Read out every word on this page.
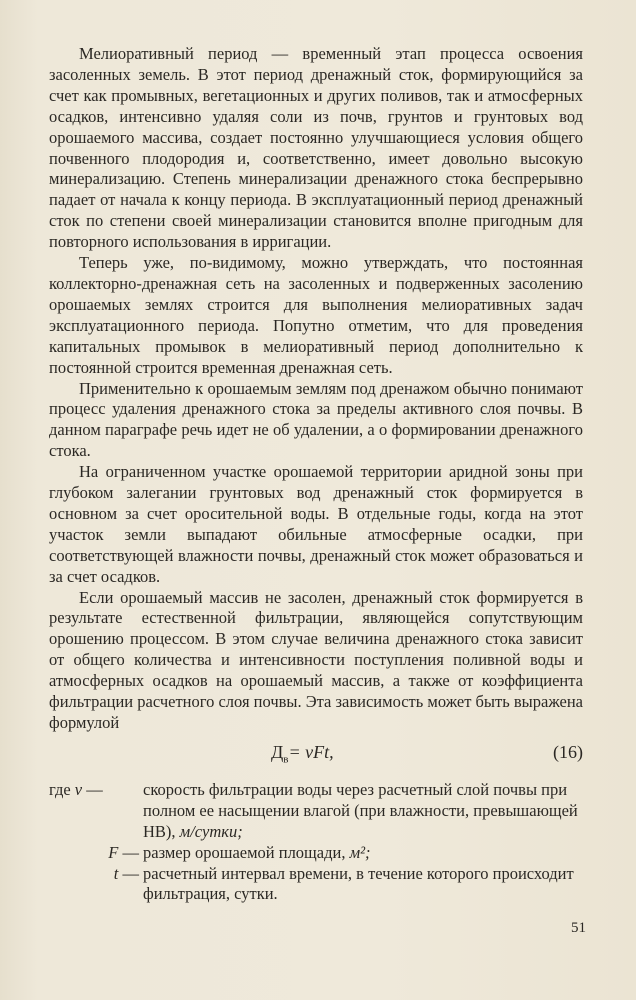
Мелиоративный период — временный этап процесса освоения засоленных земель. В этот период дренажный сток, формирующийся за счет как промывных, вегетационных и других поливов, так и атмосферных осадков, интенсивно удаляя соли из почв, грунтов и грунтовых вод орошаемого массива, создает постоянно улучшающиеся условия общего почвенного плодородия и, соответственно, имеет довольно высокую минерализацию. Степень минерализации дренажного стока беспрерывно падает от начала к концу периода. В эксплуатационный период дренажный сток по степени своей минерализации становится вполне пригодным для повторного использования в ирригации.

Теперь уже, по-видимому, можно утверждать, что постоянная коллекторно-дренажная сеть на засоленных и подверженных засолению орошаемых землях строится для выполнения мелиоративных задач эксплуатационного периода. Попутно отметим, что для проведения капитальных промывок в мелиоративный период дополнительно к постоянной строится временная дренажная сеть.

Применительно к орошаемым землям под дренажом обычно понимают процесс удаления дренажного стока за пределы активного слоя почвы. В данном параграфе речь идет не об удалении, а о формировании дренажного стока.

На ограниченном участке орошаемой территории аридной зоны при глубоком залегании грунтовых вод дренажный сток формируется в основном за счет оросительной воды. В отдельные годы, когда на этот участок земли выпадают обильные атмосферные осадки, при соответствующей влажности почвы, дренажный сток может образоваться и за счет осадков.

Если орошаемый массив не засолен, дренажный сток формируется в результате естественной фильтрации, являющейся сопутствующим орошению процессом. В этом случае величина дренажного стока зависит от общего количества и интенсивности поступления поливной воды и атмосферных осадков на орошаемый массив, а также от коэффициента фильтрации расчетного слоя почвы. Эта зависимость может быть выражена формулой

$Д_в=$ vFt,	(16)
где v —	скорость фильтрации воды через расчетный слой почвы при полном ее насыщении влагой (при влажности, превышающей НВ), м/сутки;
F — размер орошаемой площади, м²;
t — расчетный интервал времени, в течение которого происходит фильтрация, сутки.
51
